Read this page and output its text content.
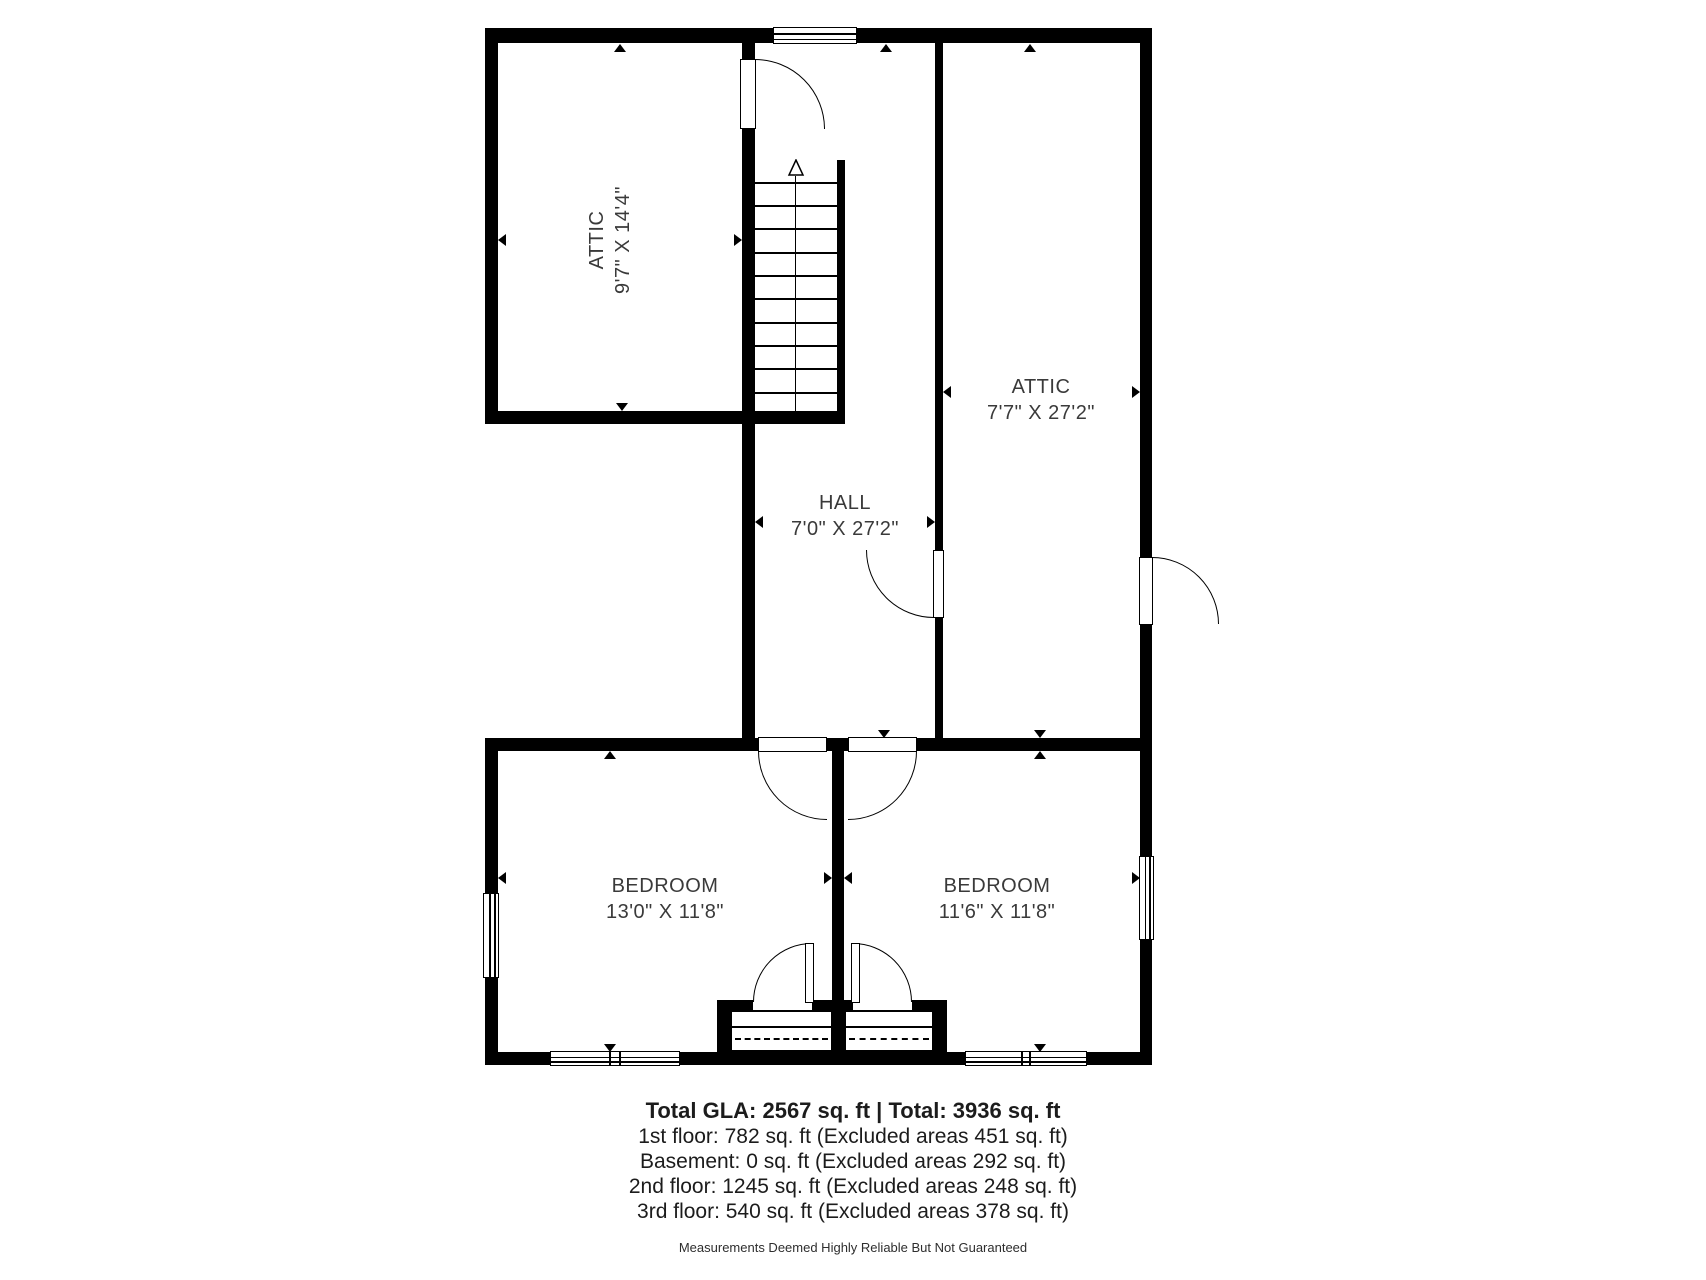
ATTIC 9'7" X 14'4"
ATTIC
7'7" X 27'2"
HALL
7'0" X 27'2"
BEDROOM
13'0" X 11'8"
BEDROOM
11'6" X 11'8"
Total GLA: 2567 sq. ft | Total: 3936 sq. ft
1st floor: 782 sq. ft (Excluded areas 451 sq. ft)
Basement: 0 sq. ft (Excluded areas 292 sq. ft)
2nd floor: 1245 sq. ft (Excluded areas 248 sq. ft)
3rd floor: 540 sq. ft (Excluded areas 378 sq. ft)
Measurements Deemed Highly Reliable But Not Guaranteed
